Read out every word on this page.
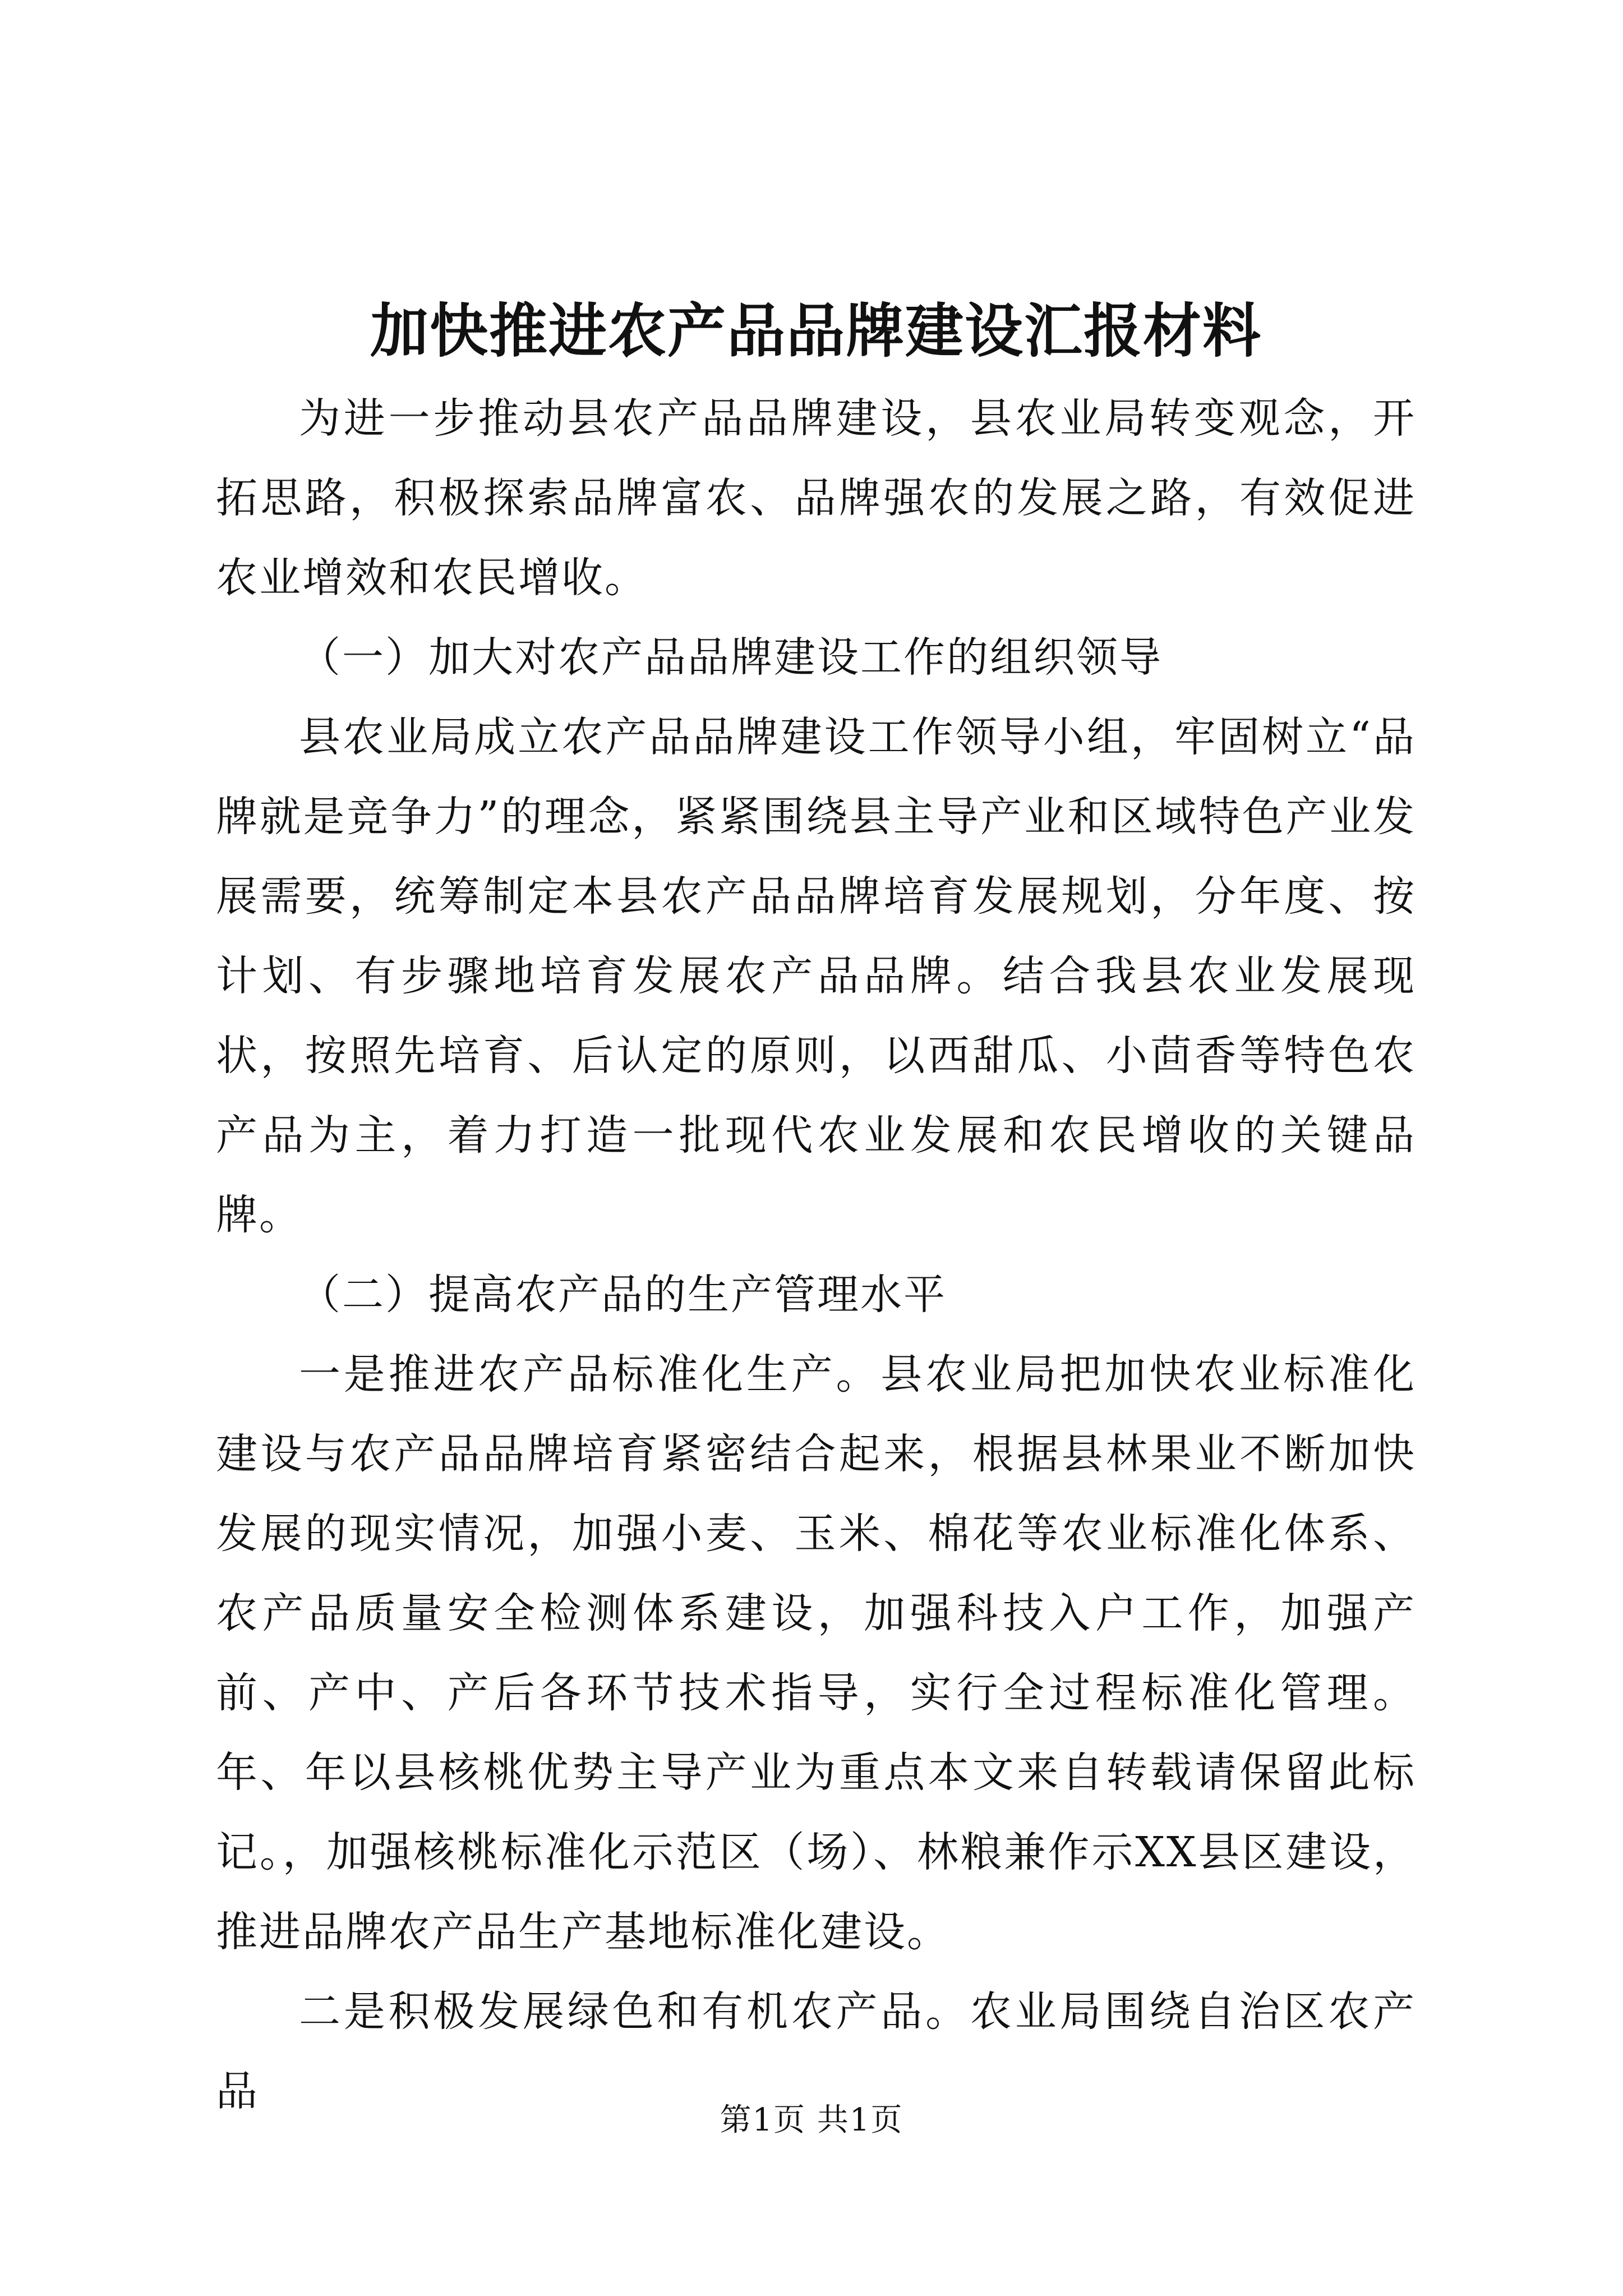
加快推进农产品品牌建设汇报材料

为进一步推动县农产品品牌建设，县农业局转变观念，开拓思路，积极探索品牌富农、品牌强农的发展之路，有效促进农业增效和农民增收。

（一）加大对农产品品牌建设工作的组织领导

县农业局成立农产品品牌建设工作领导小组，牢固树立“品牌就是竞争力”的理念，紧紧围绕县主导产业和区域特色产业发展需要，统筹制定本县农产品品牌培育发展规划，分年度、按计划、有步骤地培育发展农产品品牌。结合我县农业发展现状，按照先培育、后认定的原则，以西甜瓜、小茴香等特色农产品为主，着力打造一批现代农业发展和农民增收的关键品牌。

（二）提高农产品的生产管理水平

一是推进农产品标准化生产。县农业局把加快农业标准化建设与农产品品牌培育紧密结合起来，根据县林果业不断加快发展的现实情况，加强小麦、玉米、棉花等农业标准化体系、农产品质量安全检测体系建设，加强科技入户工作，加强产前、产中、产后各环节技术指导，实行全过程标准化管理。年、年以县核桃优势主导产业为重点本文来自转载请保留此标记。，加强核桃标准化示范区（场）、林粮兼作示XX县区建设，推进品牌农产品生产基地标准化建设。

二是积极发展绿色和有机农产品。农业局围绕自治区农产品

第1页 共1页
